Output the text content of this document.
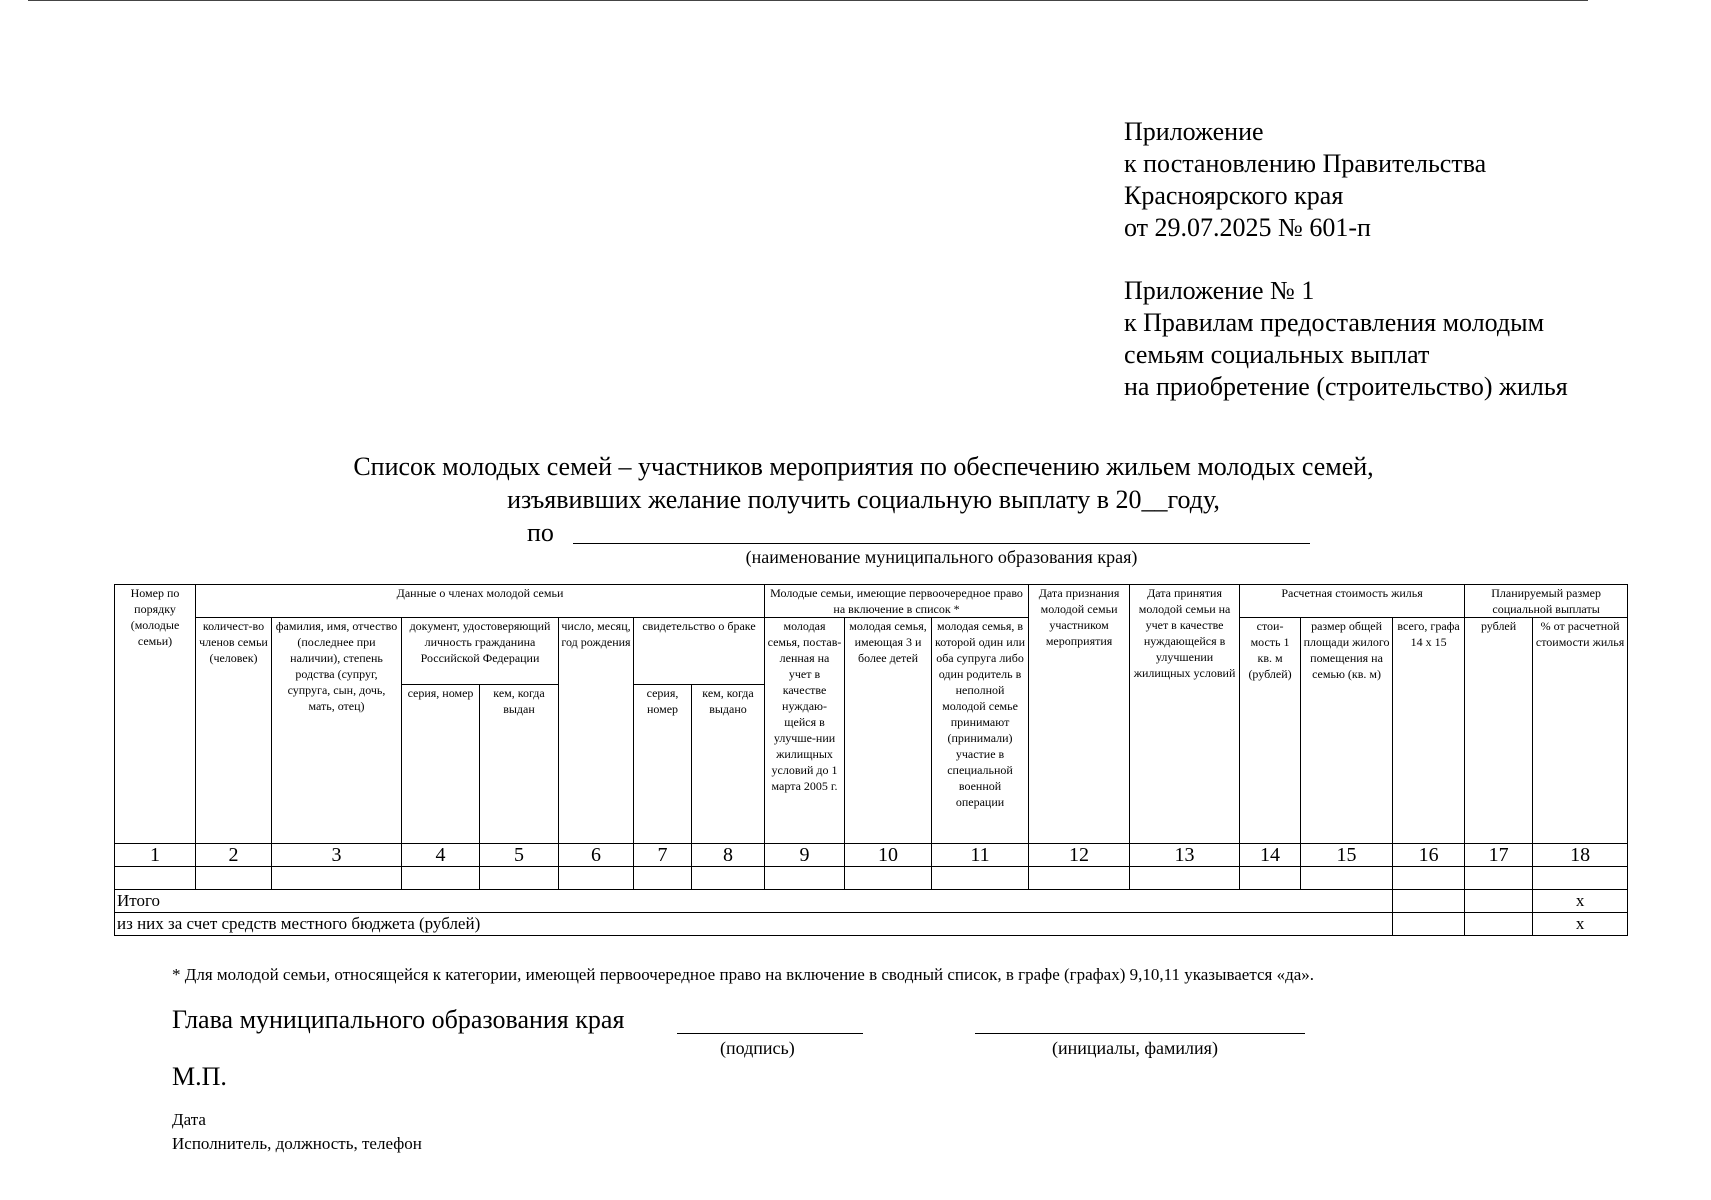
Приложение
к постановлению Правительства
Красноярского края
от 29.07.2025 № 601-п
Приложение № 1
к Правилам предоставления молодым
семьям социальных выплат
на приобретение (строительство) жилья
Список молодых семей – участников мероприятия по обеспечению жильем молодых семей,
изъявивших желание получить социальную выплату в 20__году,
по
(наименование муниципального образования края)
Номер по порядку (молодые семьи)	Данные о членах молодой семьи							Молодые семьи, имеющие первоочередное право на включение в список *			Дата признания молодой семьи участником мероприятия	Дата принятия молодой семьи на учет в качестве нуждающейся в улучшении жилищных условий	Расчетная стоимость жилья			Планируемый размер социальной выплаты	
	количест-во членов семьи (человек)	фамилия, имя, отчество (последнее при наличии), степень родства (супруг, супруга, сын, дочь, мать, отец)	документ, удостоверяющий личность гражданина Российской Федерации		число, месяц, год рождения	свидетельство о браке		молодая семья, постав-ленная на учет в качестве нуждаю-щейся в улучше-нии жилищных условий до 1 марта 2005 г.	молодая семья, имеющая 3 и более детей	молодая семья, в которой один или оба супруга либо один родитель в неполной молодой семье принимают (принимали) участие в специальной военной операции			стои-мость 1 кв. м (рублей)	размер общей площади жилого помещения на семью (кв. м)	всего, графа 14 x 15	рублей	% от расчетной стоимости жилья
			серия, номер	кем, когда выдан		серия, номер	кем, когда выдано										
1	2	3	4	5	6	7	8	9	10	11	12	13	14	15	16	17	18

Итого																	x
из них за счет средств местного бюджета (рублей)																	x
* Для молодой семьи, относящейся к категории, имеющей первоочередное право на включение в сводный список, в графе (графах) 9,10,11 указывается «да».
Глава муниципального образования края
(подпись)	(инициалы, фамилия)
М.П.
Дата
Исполнитель, должность, телефон
